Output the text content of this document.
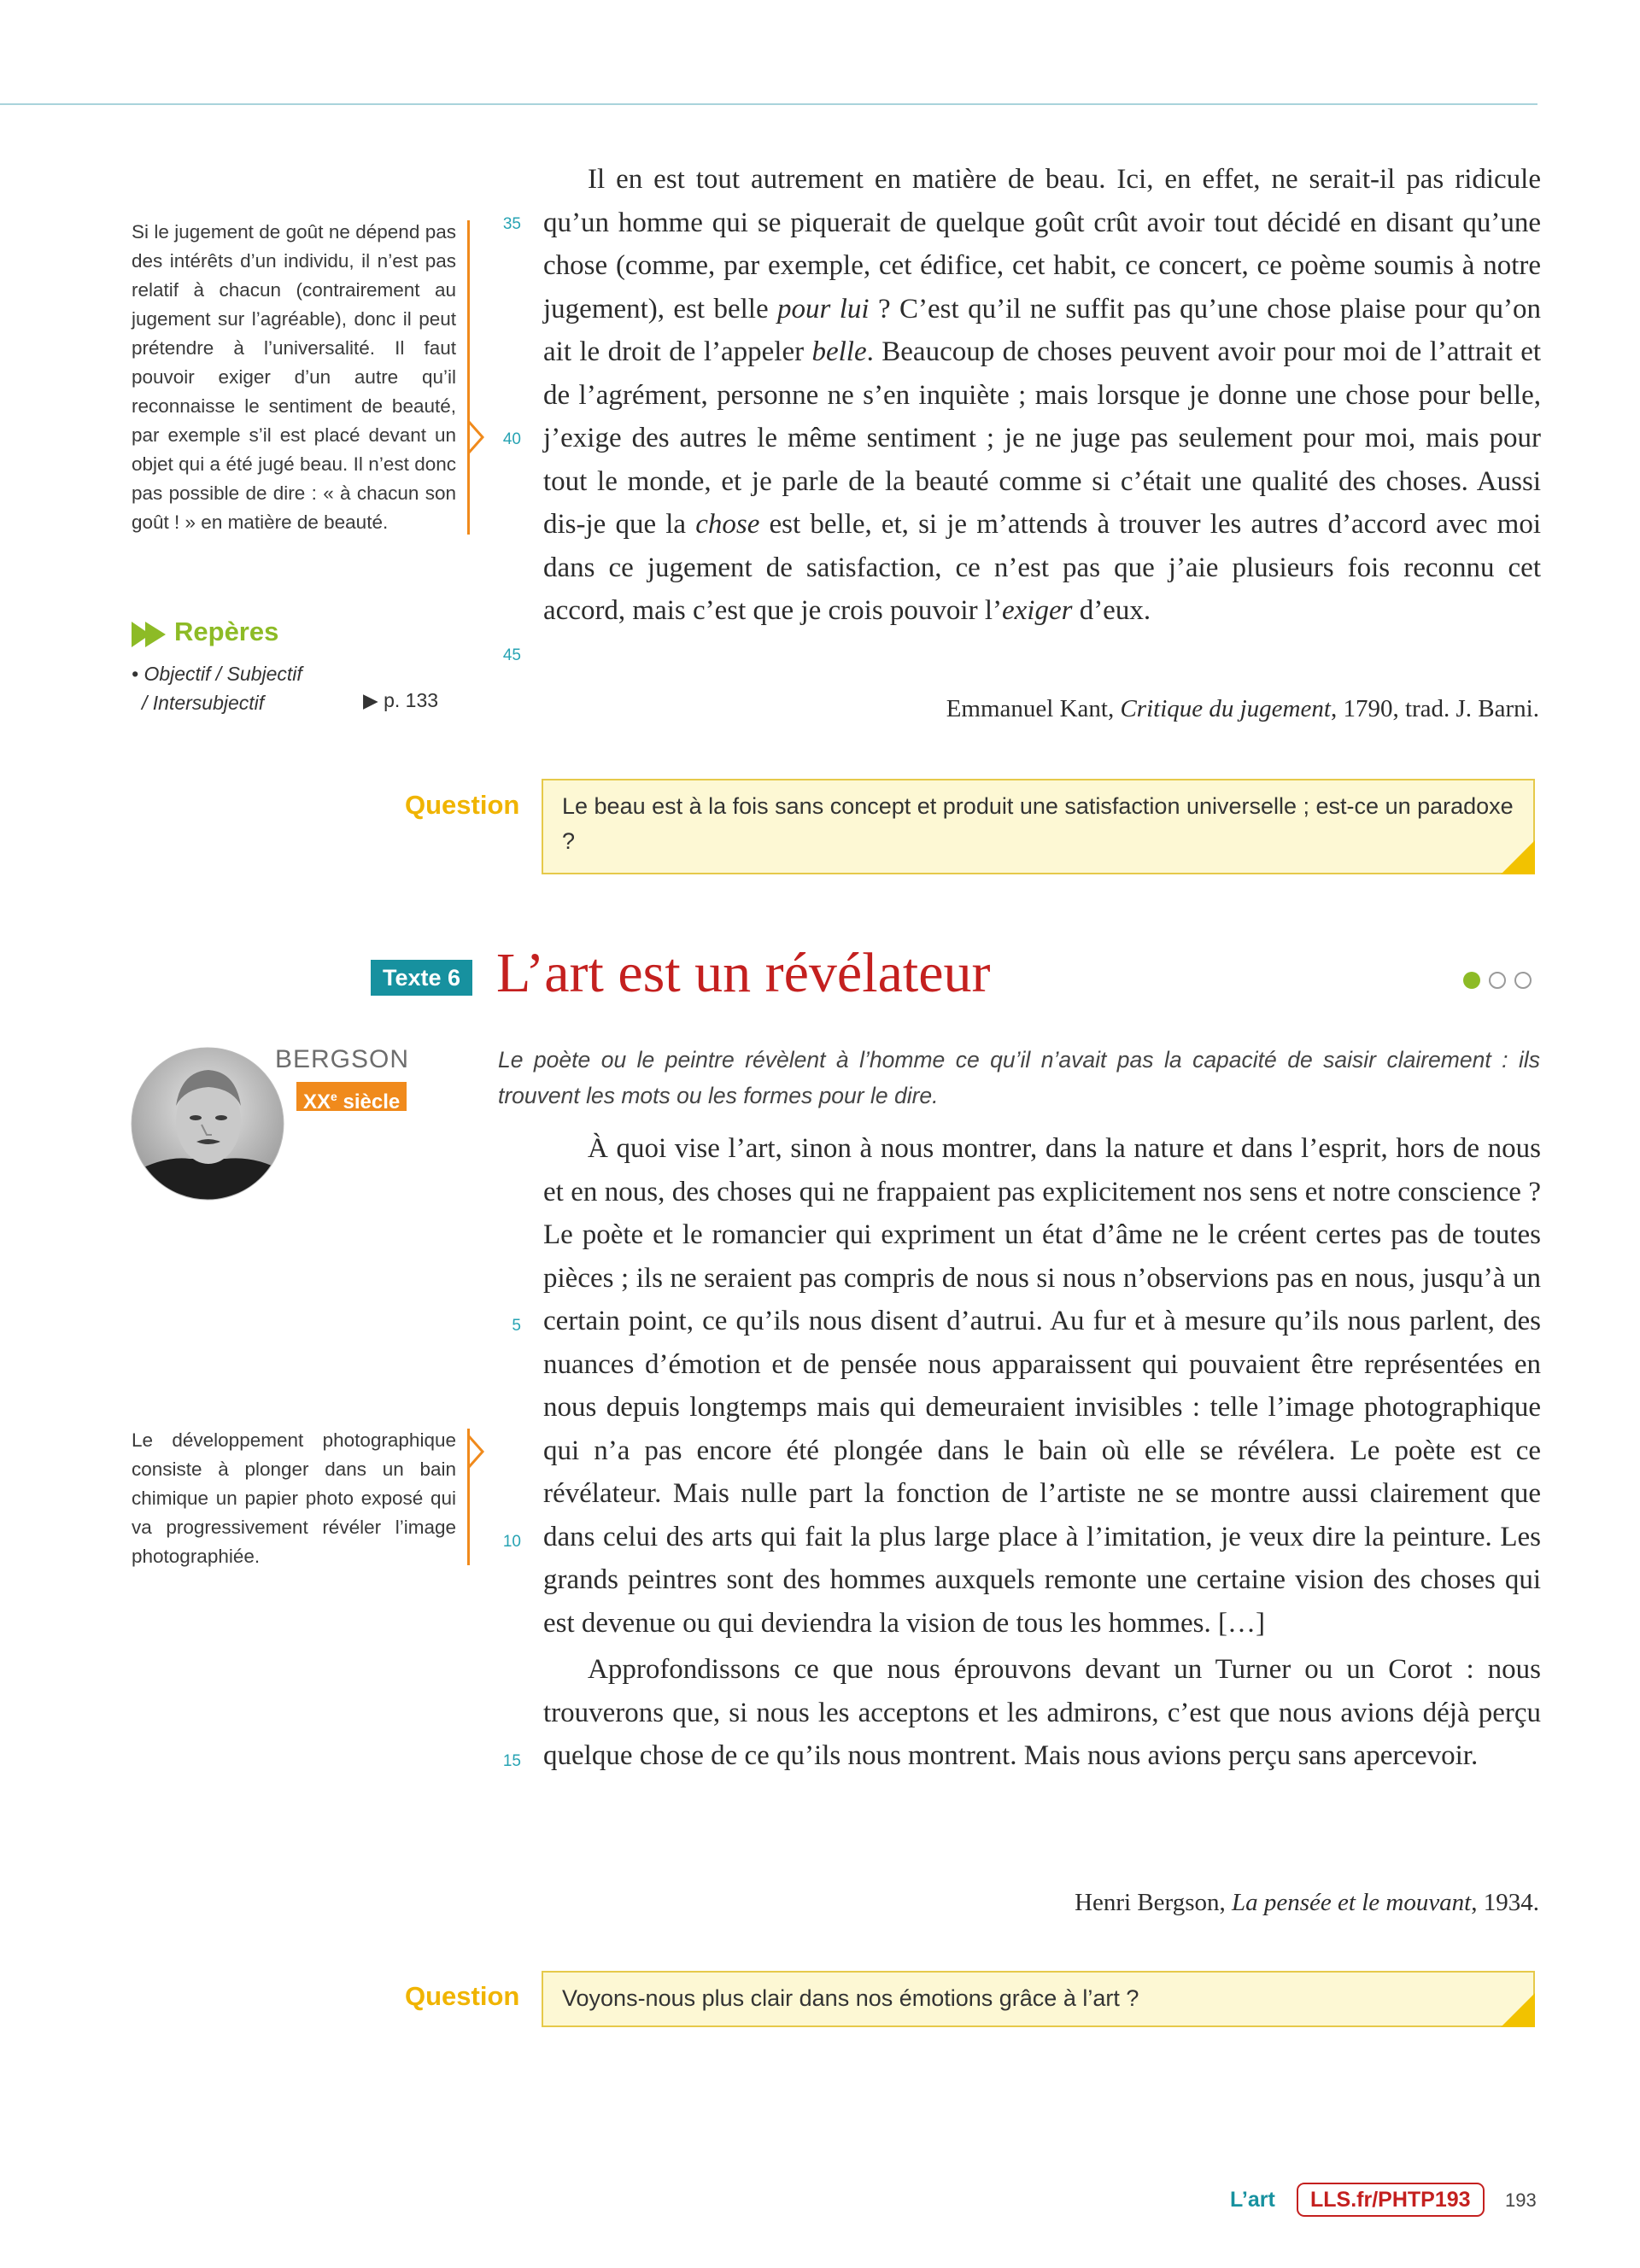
Il en est tout autrement en matière de beau. Ici, en effet, ne serait-il pas ridicule qu’un homme qui se piquerait de quelque goût crût avoir tout décidé en disant qu’une chose (comme, par exemple, cet édifice, cet habit, ce concert, ce poème soumis à notre jugement), est belle pour lui ? C’est qu’il ne suffit pas qu’une chose plaise pour qu’on ait le droit de l’appeler belle. Beaucoup de choses peuvent avoir pour moi de l’attrait et de l’agrément, personne ne s’en inquiète ; mais lorsque je donne une chose pour belle, j’exige des autres le même sentiment ; je ne juge pas seulement pour moi, mais pour tout le monde, et je parle de la beauté comme si c’était une qualité des choses. Aussi dis-je que la chose est belle, et, si je m’attends à trouver les autres d’accord avec moi dans ce jugement de satisfaction, ce n’est pas que j’aie plusieurs fois reconnu cet accord, mais c’est que je crois pouvoir l’exiger d’eux.

35
40
45
Emmanuel Kant, Critique du jugement, 1790, trad. J. Barni.
Si le jugement de goût ne dépend pas des intérêts d’un individu, il n’est pas relatif à chacun (contrairement au jugement sur l’agréable), donc il peut prétendre à l’universalité. Il faut pouvoir exiger d’un autre qu’il reconnaisse le sentiment de beauté, par exemple s’il est placé devant un objet qui a été jugé beau. Il n’est donc pas possible de dire : « à chacun son goût ! » en matière de beauté.
Repères
• Objectif / Subjectif
/ Intersubjectif	▶ p. 133
Question	Le beau est à la fois sans concept et produit une satisfaction universelle ; est-ce un paradoxe ?
Texte 6 L’art est un révélateur
BERGSON
XXe siècle
Le poète ou le peintre révèlent à l’homme ce qu’il n’avait pas la capacité de saisir clairement : ils trouvent les mots ou les formes pour le dire.

À quoi vise l’art, sinon à nous montrer, dans la nature et dans l’esprit, hors de nous et en nous, des choses qui ne frappaient pas explicitement nos sens et notre conscience ? Le poète et le romancier qui expriment un état d’âme ne le créent certes pas de toutes pièces ; ils ne seraient pas compris de nous si nous n’observions pas en nous, jusqu’à un certain point, ce qu’ils nous disent d’autrui. Au fur et à mesure qu’ils nous parlent, des nuances d’émotion et de pensée nous apparaissent qui pouvaient être représentées en nous depuis longtemps mais qui demeuraient invisibles : telle l’image photographique qui n’a pas encore été plongée dans le bain où elle se révélera. Le poète est ce révélateur. Mais nulle part la fonction de l’artiste ne se montre aussi clairement que dans celui des arts qui fait la plus large place à l’imitation, je veux dire la peinture. Les grands peintres sont des hommes auxquels remonte une certaine vision des choses qui est devenue ou qui deviendra la vision de tous les hommes. […]

Approfondissons ce que nous éprouvons devant un Turner ou un Corot : nous trouverons que, si nous les acceptons et les admirons, c’est que nous avions déjà perçu quelque chose de ce qu’ils nous montrent. Mais nous avions perçu sans apercevoir.

5
10
15
Henri Bergson, La pensée et le mouvant, 1934.
Le développement photographique consiste à plonger dans un bain chimique un papier photo exposé qui va progressivement révéler l’image photographiée.
Question	Voyons-nous plus clair dans nos émotions grâce à l’art ?
L’art	LLS.fr/PHTP193	193
